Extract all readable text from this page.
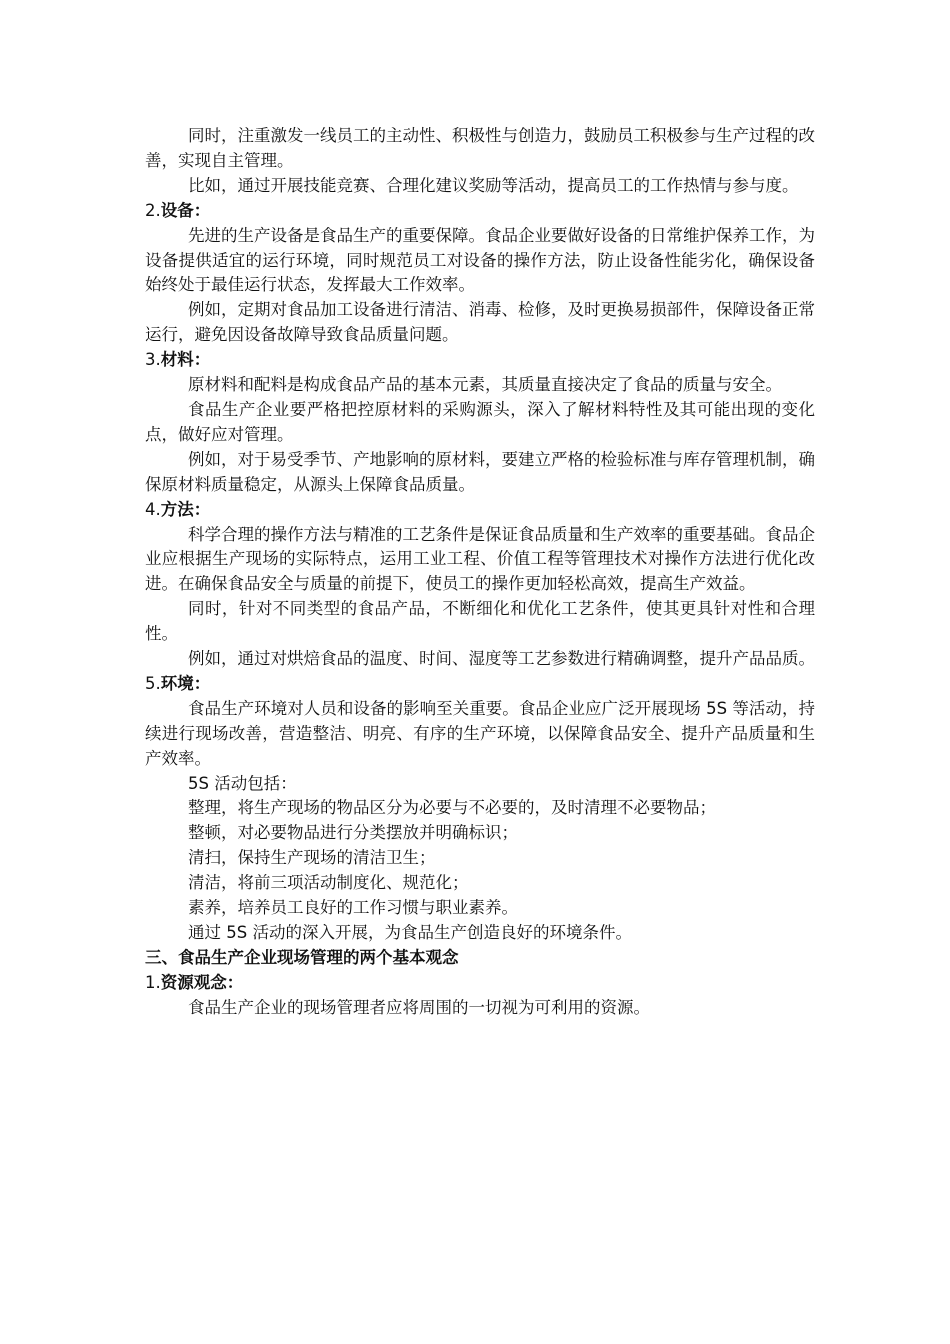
同时，注重激发一线员工的主动性、积极性与创造力，鼓励员工积极参与生产过程的改善，实现自主管理。

比如，通过开展技能竞赛、合理化建议奖励等活动，提高员工的工作热情与参与度。

2.设备：

先进的生产设备是食品生产的重要保障。食品企业要做好设备的日常维护保养工作，为设备提供适宜的运行环境，同时规范员工对设备的操作方法，防止设备性能劣化，确保设备始终处于最佳运行状态，发挥最大工作效率。

例如，定期对食品加工设备进行清洁、消毒、检修，及时更换易损部件，保障设备正常运行，避免因设备故障导致食品质量问题。

3.材料：

原材料和配料是构成食品产品的基本元素，其质量直接决定了食品的质量与安全。

食品生产企业要严格把控原材料的采购源头，深入了解材料特性及其可能出现的变化点，做好应对管理。

例如，对于易受季节、产地影响的原材料，要建立严格的检验标准与库存管理机制，确保原材料质量稳定，从源头上保障食品质量。

4.方法：

科学合理的操作方法与精准的工艺条件是保证食品质量和生产效率的重要基础。食品企业应根据生产现场的实际特点，运用工业工程、价值工程等管理技术对操作方法进行优化改进。在确保食品安全与质量的前提下，使员工的操作更加轻松高效，提高生产效益。

同时，针对不同类型的食品产品，不断细化和优化工艺条件，使其更具针对性和合理性。

例如，通过对烘焙食品的温度、时间、湿度等工艺参数进行精确调整，提升产品品质。

5.环境：

食品生产环境对人员和设备的影响至关重要。食品企业应广泛开展现场 5S 等活动，持续进行现场改善，营造整洁、明亮、有序的生产环境，以保障食品安全、提升产品质量和生产效率。

5S 活动包括：

整理，将生产现场的物品区分为必要与不必要的，及时清理不必要物品；

整顿，对必要物品进行分类摆放并明确标识；

清扫，保持生产现场的清洁卫生；

清洁，将前三项活动制度化、规范化；

素养，培养员工良好的工作习惯与职业素养。

通过 5S 活动的深入开展，为食品生产创造良好的环境条件。

三、食品生产企业现场管理的两个基本观念

1.资源观念：

食品生产企业的现场管理者应将周围的一切视为可利用的资源。
